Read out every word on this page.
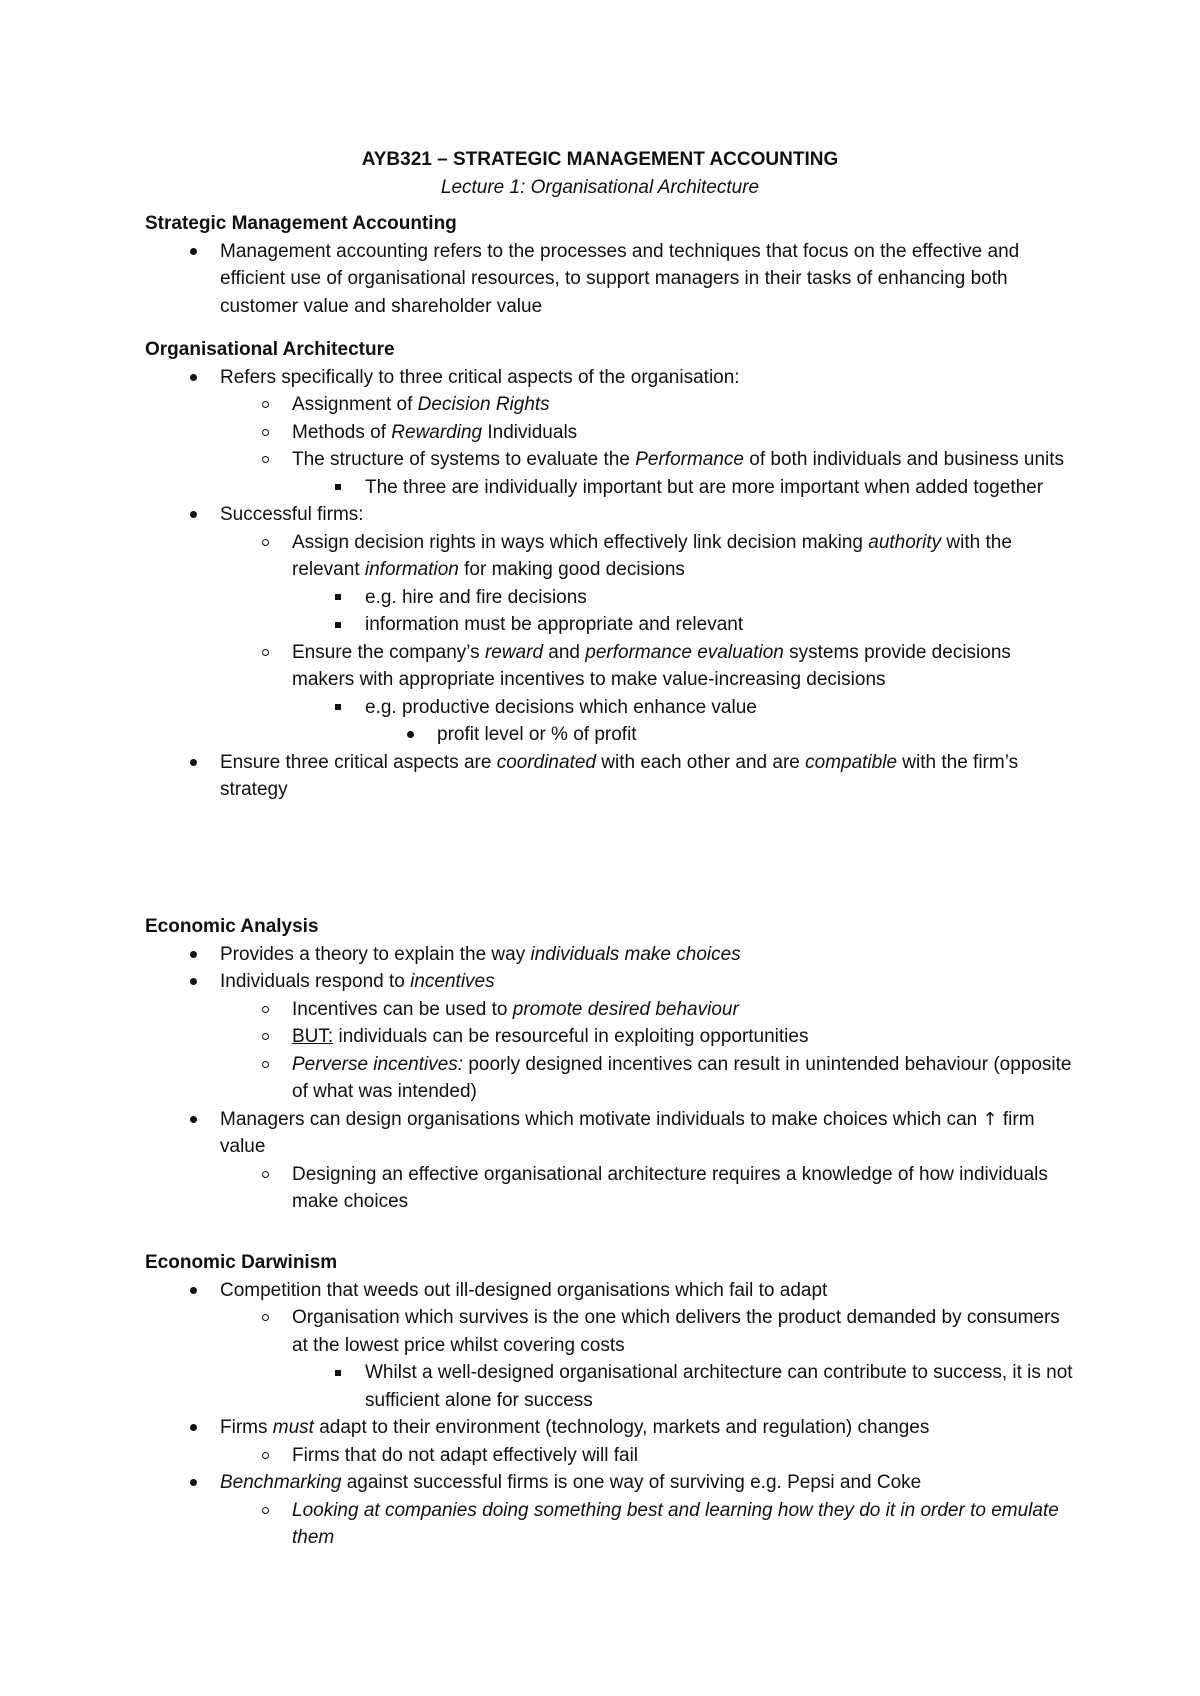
AYB321 – STRATEGIC MANAGEMENT ACCOUNTING
Lecture 1: Organisational Architecture
Strategic Management Accounting
Management accounting refers to the processes and techniques that focus on the effective and efficient use of organisational resources, to support managers in their tasks of enhancing both customer value and shareholder value
Organisational Architecture
Refers specifically to three critical aspects of the organisation:
Assignment of Decision Rights
Methods of Rewarding Individuals
The structure of systems to evaluate the Performance of both individuals and business units
The three are individually important but are more important when added together
Successful firms:
Assign decision rights in ways which effectively link decision making authority with the relevant information for making good decisions
e.g. hire and fire decisions
information must be appropriate and relevant
Ensure the company’s reward and performance evaluation systems provide decisions makers with appropriate incentives to make value-increasing decisions
e.g. productive decisions which enhance value
profit level or % of profit
Ensure three critical aspects are coordinated with each other and are compatible with the firm’s strategy
Economic Analysis
Provides a theory to explain the way individuals make choices
Individuals respond to incentives
Incentives can be used to promote desired behaviour
BUT: individuals can be resourceful in exploiting opportunities
Perverse incentives: poorly designed incentives can result in unintended behaviour (opposite of what was intended)
Managers can design organisations which motivate individuals to make choices which can ↑ firm value
Designing an effective organisational architecture requires a knowledge of how individuals make choices
Economic Darwinism
Competition that weeds out ill-designed organisations which fail to adapt
Organisation which survives is the one which delivers the product demanded by consumers at the lowest price whilst covering costs
Whilst a well-designed organisational architecture can contribute to success, it is not sufficient alone for success
Firms must adapt to their environment (technology, markets and regulation) changes
Firms that do not adapt effectively will fail
Benchmarking against successful firms is one way of surviving e.g. Pepsi and Coke
Looking at companies doing something best and learning how they do it in order to emulate them
